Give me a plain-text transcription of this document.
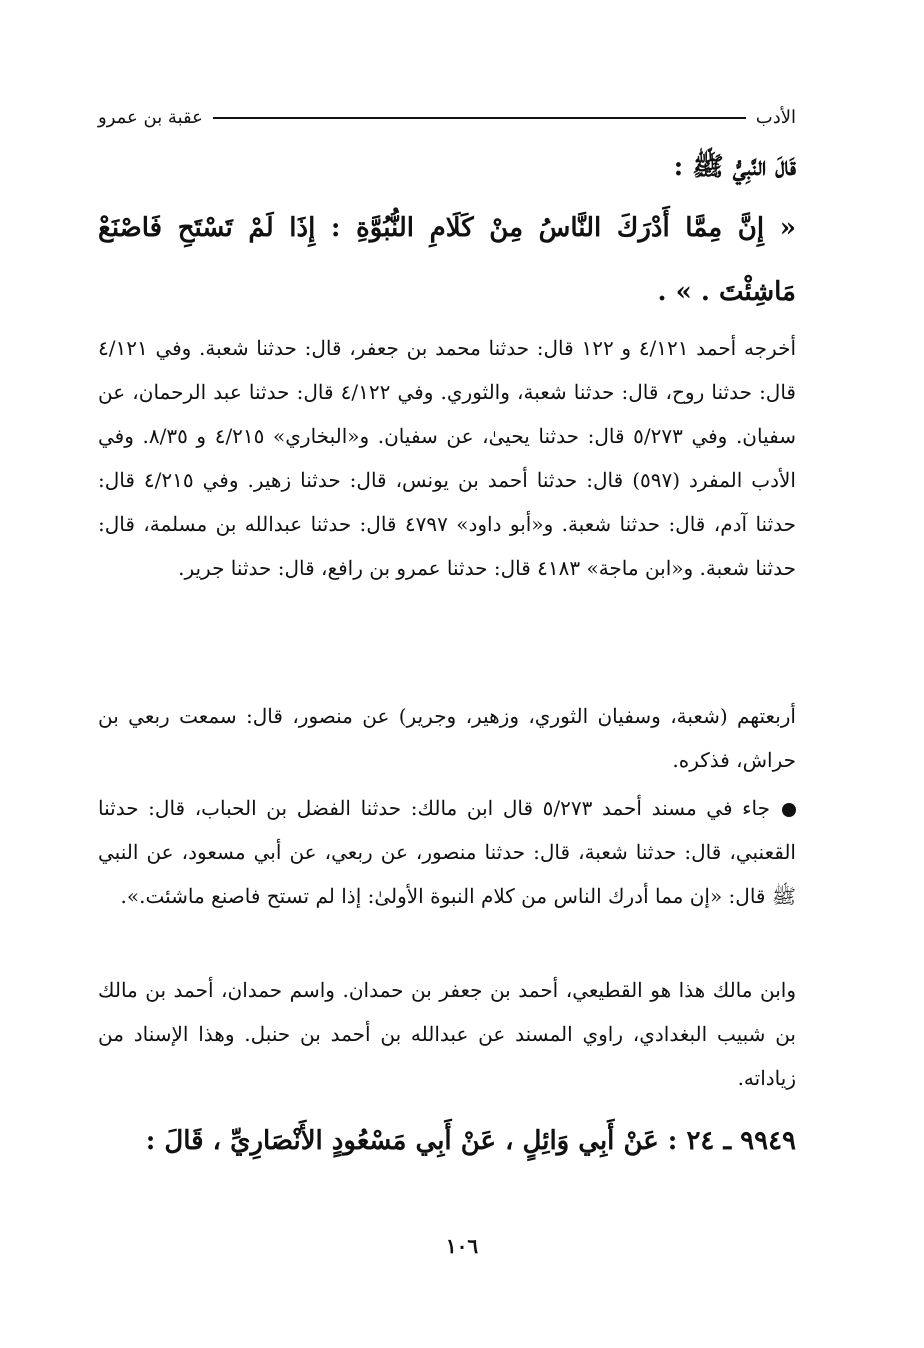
الأدب
عقبة بن عمرو
قَالَ النَّبِيُّ ﷺ :
« إِنَّ مِمَّا أَدْرَكَ النَّاسُ مِنْ كَلَامِ النُّبُوَّةِ : إِذَا لَمْ تَسْتَحِ فَاصْنَعْ مَاشِئْتَ . » .
أخرجه أحمد ٤/١٢١ و ١٢٢ قال: حدثنا محمد بن جعفر، قال: حدثنا شعبة. وفي ٤/١٢١ قال: حدثنا روح، قال: حدثنا شعبة، والثوري. وفي ٤/١٢٢ قال: حدثنا عبد الرحمان، عن سفيان. وفي ٥/٢٧٣ قال: حدثنا يحيىٰ، عن سفيان. و«البخاري» ٤/٢١٥ و ٨/٣٥. وفي الأدب المفرد (٥٩٧) قال: حدثنا أحمد بن يونس، قال: حدثنا زهير. وفي ٤/٢١٥ قال: حدثنا آدم، قال: حدثنا شعبة. و«أبو داود» ٤٧٩٧ قال: حدثنا عبدالله بن مسلمة، قال: حدثنا شعبة. و«ابن ماجة» ٤١٨٣ قال: حدثنا عمرو بن رافع، قال: حدثنا جرير.
أربعتهم (شعبة، وسفيان الثوري، وزهير، وجرير) عن منصور، قال: سمعت ربعي بن حراش، فذكره.
جاء في مسند أحمد ٥/٢٧٣ قال ابن مالك: حدثنا الفضل بن الحباب، قال: حدثنا القعنبي، قال: حدثنا شعبة، قال: حدثنا منصور، عن ربعي، عن أبي مسعود، عن النبي ﷺ قال: «إن مما أدرك الناس من كلام النبوة الأولىٰ: إذا لم تستح فاصنع ماشئت.».
وابن مالك هذا هو القطيعي، أحمد بن جعفر بن حمدان. واسم حمدان، أحمد بن مالك بن شبيب البغدادي، راوي المسند عن عبدالله بن أحمد بن حنبل. وهذا الإسناد من زياداته.
٩٩٤٩ ـ ٢٤ : عَنْ أَبِي وَائِلٍ ، عَنْ أَبِي مَسْعُودٍ الأَنْصَارِيِّ ، قَالَ :
١٠٦
